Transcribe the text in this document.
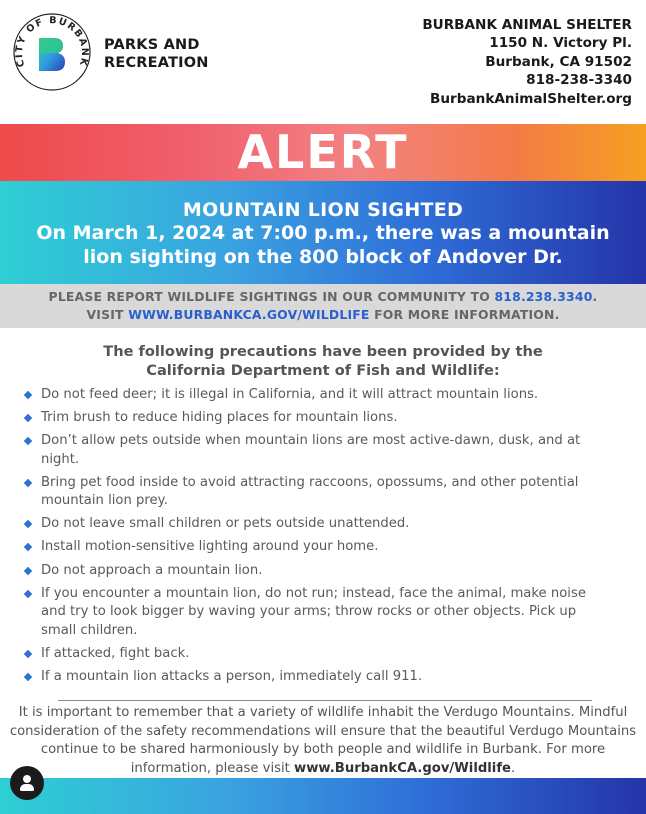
CITY OF BURBANK
PARKS AND
RECREATION
BURBANK ANIMAL SHELTER
1150 N. Victory Pl.
Burbank, CA 91502
818-238-3340
BurbankAnimalShelter.org
ALERT
MOUNTAIN LION SIGHTED
On March 1, 2024 at 7:00 p.m., there was a mountain lion sighting on the 800 block of Andover Dr.
PLEASE REPORT WILDLIFE SIGHTINGS IN OUR COMMUNITY TO 818.238.3340.
VISIT WWW.BURBANKCA.GOV/WILDLIFE FOR MORE INFORMATION.
The following precautions have been provided by the
California Department of Fish and Wildlife:
Do not feed deer; it is illegal in California, and it will attract mountain lions.
Trim brush to reduce hiding places for mountain lions.
Don’t allow pets outside when mountain lions are most active-dawn, dusk, and at night.
Bring pet food inside to avoid attracting raccoons, opossums, and other potential mountain lion prey.
Do not leave small children or pets outside unattended.
Install motion-sensitive lighting around your home.
Do not approach a mountain lion.
If you encounter a mountain lion, do not run; instead, face the animal, make noise and try to look bigger by waving your arms; throw rocks or other objects. Pick up small children.
If attacked, fight back.
If a mountain lion attacks a person, immediately call 911.
It is important to remember that a variety of wildlife inhabit the Verdugo Mountains. Mindful consideration of the safety recommendations will ensure that the beautiful Verdugo Mountains continue to be shared harmoniously by both people and wildlife in Burbank. For more information, please visit www.BurbankCA.gov/Wildlife.
